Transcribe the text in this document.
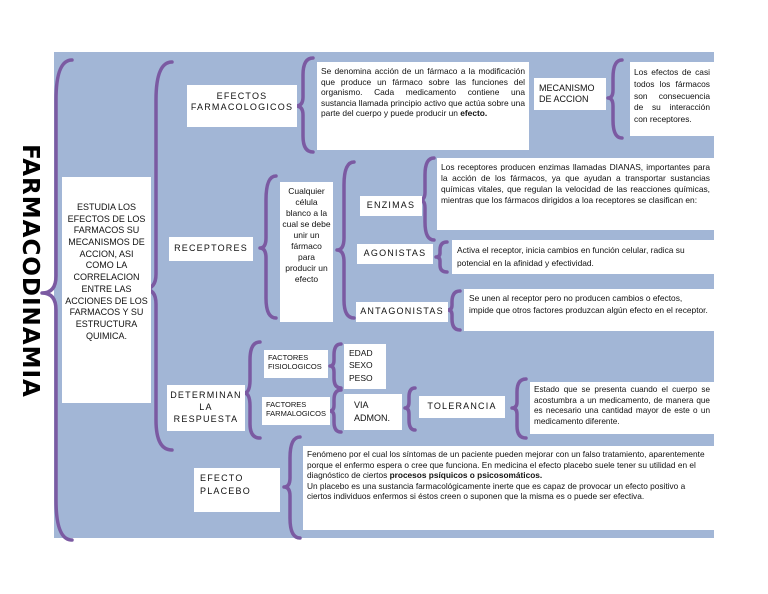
FARMACODINAMIA	ESTUDIA LOS EFECTOS DE LOS FARMACOS SU MECANISMOS DE ACCION, ASI COMO LA CORRELACION ENTRE LAS ACCIONES DE LOS FARMACOS Y SU ESTRUCTURA QUIMICA.
EFECTOS FARMACOLOGICOS
Se denomina acción de un fármaco a la modificación que produce un fármaco sobre las funciones del organismo. Cada medicamento contiene una sustancia llamada principio activo que actúa sobre una parte del cuerpo y puede producir un efecto.
MECANISMO DE ACCION
Los efectos de casi todos los fármacos son consecuencia de su interacción con receptores.
RECEPTORES
Cualquier célula blanco a la cual se debe unir un fármaco para producir un efecto
ENZIMAS
Los receptores producen enzimas llamadas DIANAS, importantes para la acción de los fármacos, ya que ayudan a transportar sustancias químicas vitales, que regulan la velocidad de las reacciones químicas, mientras que los fármacos dirigidos a loa receptores se clasifican en:
AGONISTAS	Activa el receptor, inicia cambios en función celular, radica su potencial en la afinidad y efectividad.
ANTAGONISTAS
Se unen al receptor pero no producen cambios o efectos, impide que otros factores produzcan algún efecto en el receptor.
DETERMINAN LA RESPUESTA
FACTORES FISIOLOGICOS
EDAD SEXO PESO
FACTORES FARMALOGICOS
VIA ADMON.
TOLERANCIA
Estado que se presenta cuando el cuerpo se acostumbra a un medicamento, de manera que es necesario una cantidad mayor de este o un medicamento diferente.
EFECTO PLACEBO
Fenómeno por el cual los síntomas de un paciente pueden mejorar con un falso tratamiento, aparentemente porque el enfermo espera o cree que funciona. En medicina el efecto placebo suele tener su utilidad en el diagnóstico de ciertos procesos psíquicos o psicosomáticos.
Un placebo es una sustancia farmacológicamente inerte que es capaz de provocar un efecto positivo a ciertos individuos enfermos si éstos creen o suponen que la misma es o puede ser efectiva.
